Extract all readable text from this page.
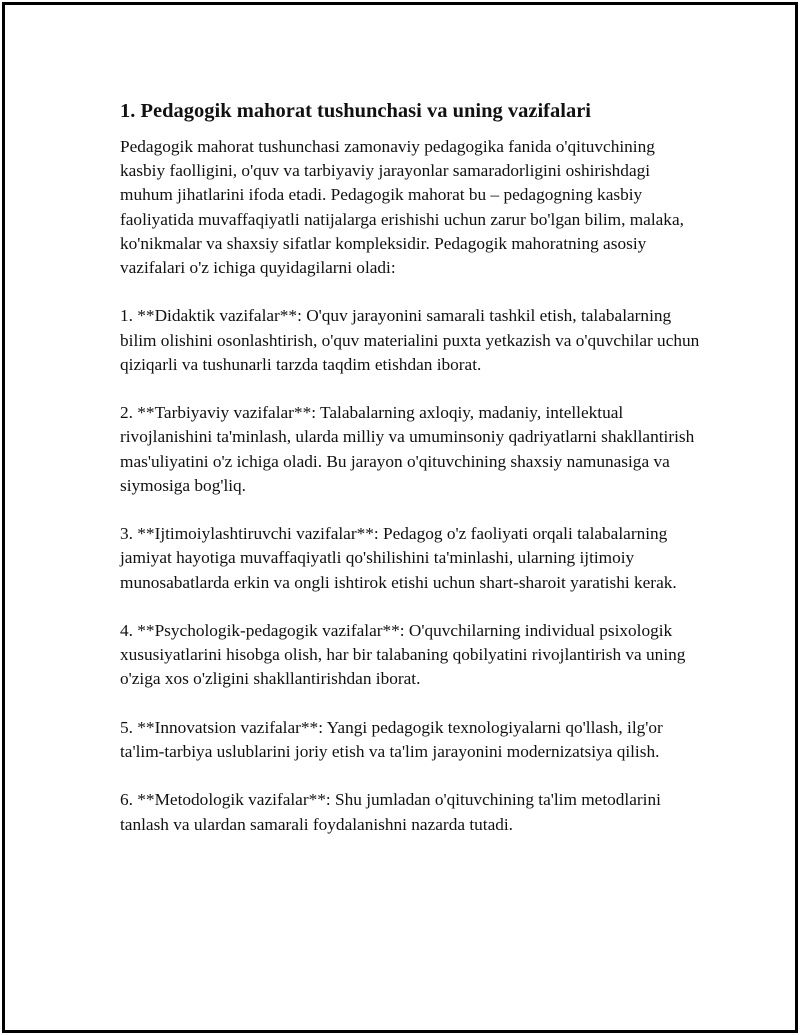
1. Pedagogik mahorat tushunchasi va uning vazifalari

Pedagogik mahorat tushunchasi zamonaviy pedagogika fanida o'qituvchining kasbiy faolligini, o'quv va tarbiyaviy jarayonlar samaradorligini oshirishdagi muhum jihatlarini ifoda etadi. Pedagogik mahorat bu – pedagogning kasbiy faoliyatida muvaffaqiyatli natijalarga erishishi uchun zarur bo'lgan bilim, malaka, ko'nikmalar va shaxsiy sifatlar kompleksidir. Pedagogik mahoratning asosiy vazifalari o'z ichiga quyidagilarni oladi:

1. **Didaktik vazifalar**: O'quv jarayonini samarali tashkil etish, talabalarning bilim olishini osonlashtirish, o'quv materialini puxta yetkazish va o'quvchilar uchun qiziqarli va tushunarli tarzda taqdim etishdan iborat.

2. **Tarbiyaviy vazifalar**: Talabalarning axloqiy, madaniy, intellektual rivojlanishini ta'minlash, ularda milliy va umuminsoniy qadriyatlarni shakllantirish mas'uliyatini o'z ichiga oladi. Bu jarayon o'qituvchining shaxsiy namunasiga va siymosiga bog'liq.

3. **Ijtimoiylashtiruvchi vazifalar**: Pedagog o'z faoliyati orqali talabalarning jamiyat hayotiga muvaffaqiyatli qo'shilishini ta'minlashi, ularning ijtimoiy munosabatlarda erkin va ongli ishtirok etishi uchun shart-sharoit yaratishi kerak.

4. **Psychologik-pedagogik vazifalar**: O'quvchilarning individual psixologik xususiyatlarini hisobga olish, har bir talabaning qobilyatini rivojlantirish va uning o'ziga xos o'zligini shakllantirishdan iborat.

5. **Innovatsion vazifalar**: Yangi pedagogik texnologiyalarni qo'llash, ilg'or ta'lim-tarbiya uslublarini joriy etish va ta'lim jarayonini modernizatsiya qilish.

6. **Metodologik vazifalar**: Shu jumladan o'qituvchining ta'lim metodlarini tanlash va ulardan samarali foydalanishni nazarda tutadi.
